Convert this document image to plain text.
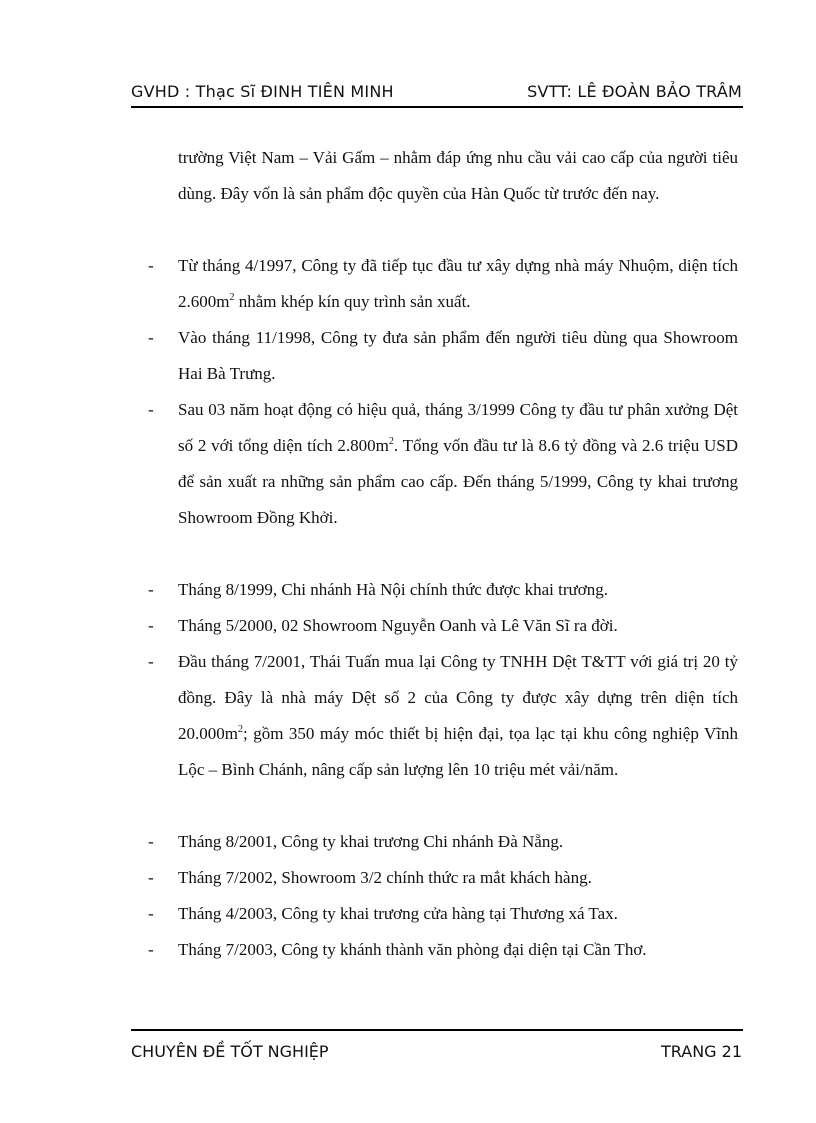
GVHD : Thạc Sĩ ĐINH TIÊN MINH	SVTT: LÊ ĐOÀN BẢO TRÂM
trường Việt Nam – Vải Gấm – nhằm đáp ứng nhu cầu vải cao cấp của người tiêu dùng. Đây vốn là sản phẩm độc quyền của Hàn Quốc từ trước đến nay.
-	Từ tháng 4/1997, Công ty đã tiếp tục đầu tư xây dựng nhà máy Nhuộm, diện tích $2.600m^2$ nhằm khép kín quy trình sản xuất.
-	Vào tháng 11/1998, Công ty đưa sản phẩm đến người tiêu dùng qua Showroom Hai Bà Trưng.
-	Sau 03 năm hoạt động có hiệu quả, tháng 3/1999 Công ty đầu tư phân xưởng Dệt số 2 với tổng diện tích $2.800m^2$. Tổng vốn đầu tư là 8.6 tỷ đồng và 2.6 triệu USD để sản xuất ra những sản phẩm cao cấp. Đến tháng 5/1999, Công ty khai trương Showroom Đồng Khởi.
-	Tháng 8/1999, Chi nhánh Hà Nội chính thức được khai trương.
-	Tháng 5/2000, 02 Showroom Nguyễn Oanh và Lê Văn Sĩ ra đời.
-	Đầu tháng 7/2001, Thái Tuấn mua lại Công ty TNHH Dệt T&TT với giá trị 20 tỷ đồng. Đây là nhà máy Dệt số 2 của Công ty được xây dựng trên diện tích $20.000m^2$; gồm 350 máy móc thiết bị hiện đại, tọa lạc tại khu công nghiệp Vĩnh Lộc – Bình Chánh, nâng cấp sản lượng lên 10 triệu mét vải/năm.
-	Tháng 8/2001, Công ty khai trương Chi nhánh Đà Nẵng.
-	Tháng 7/2002, Showroom 3/2 chính thức ra mắt khách hàng.
-	Tháng 4/2003, Công ty khai trương cửa hàng tại Thương xá Tax.
-	Tháng 7/2003, Công ty khánh thành văn phòng đại diện tại Cần Thơ.
CHUYÊN ĐỀ TỐT NGHIỆP	TRANG 21
